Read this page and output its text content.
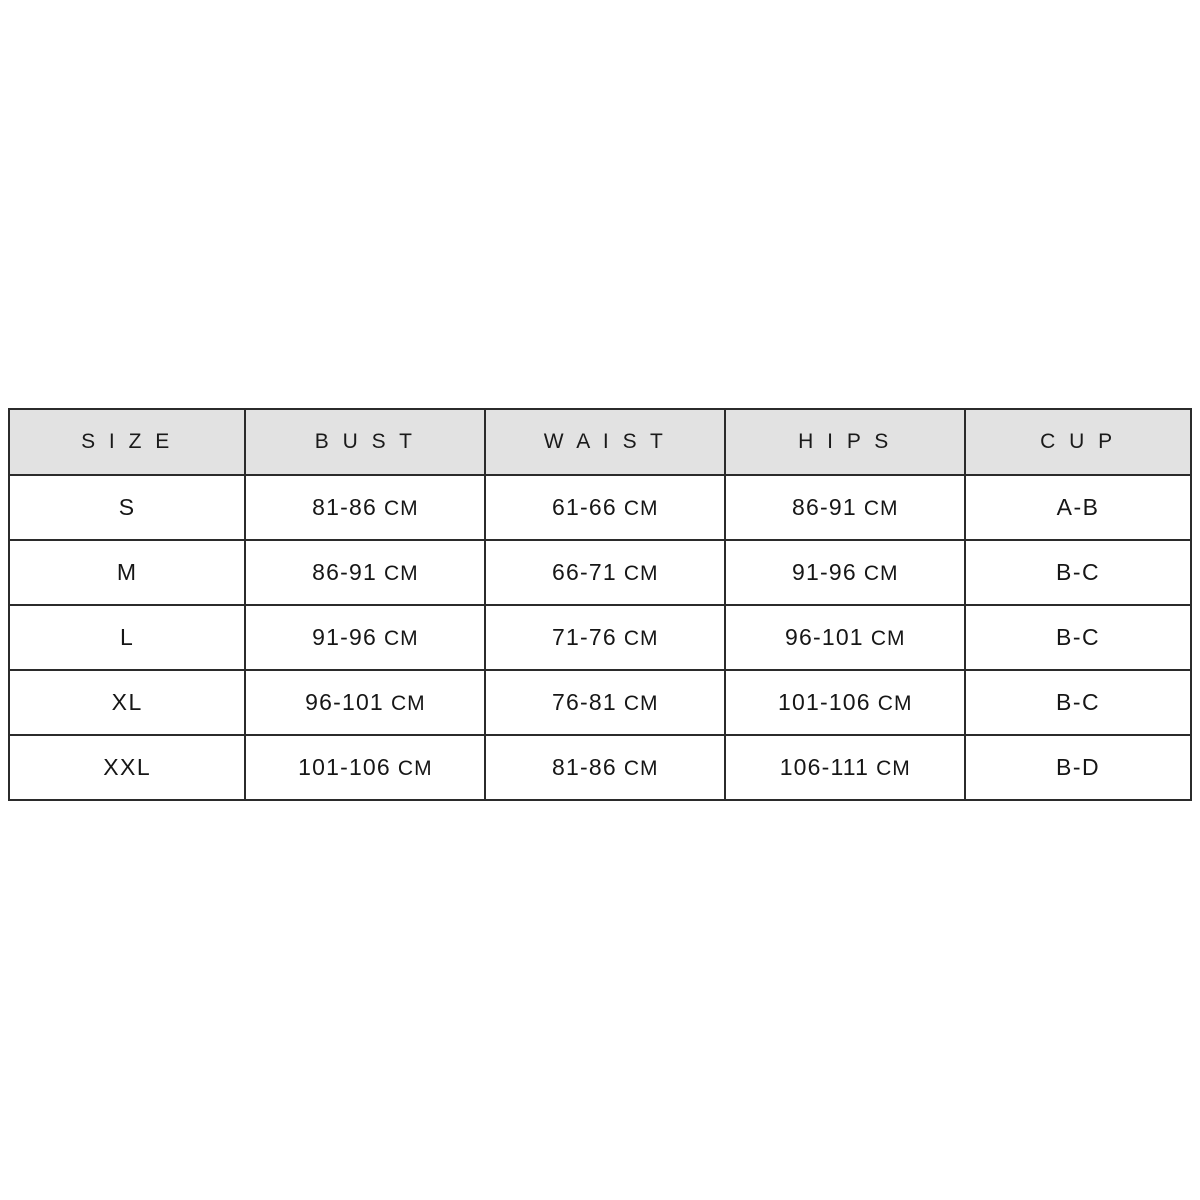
S I Z E	B U S T	W A I S T	H I P S	C U P
S	81-86 CM	61-66 CM	86-91 CM	A-B
M	86-91 CM	66-71 CM	91-96 CM	B-C
L	91-96 CM	71-76 CM	96-101 CM	B-C
XL	96-101 CM	76-81 CM	101-106 CM	B-C
XXL	101-106 CM	81-86 CM	106-111 CM	B-D
